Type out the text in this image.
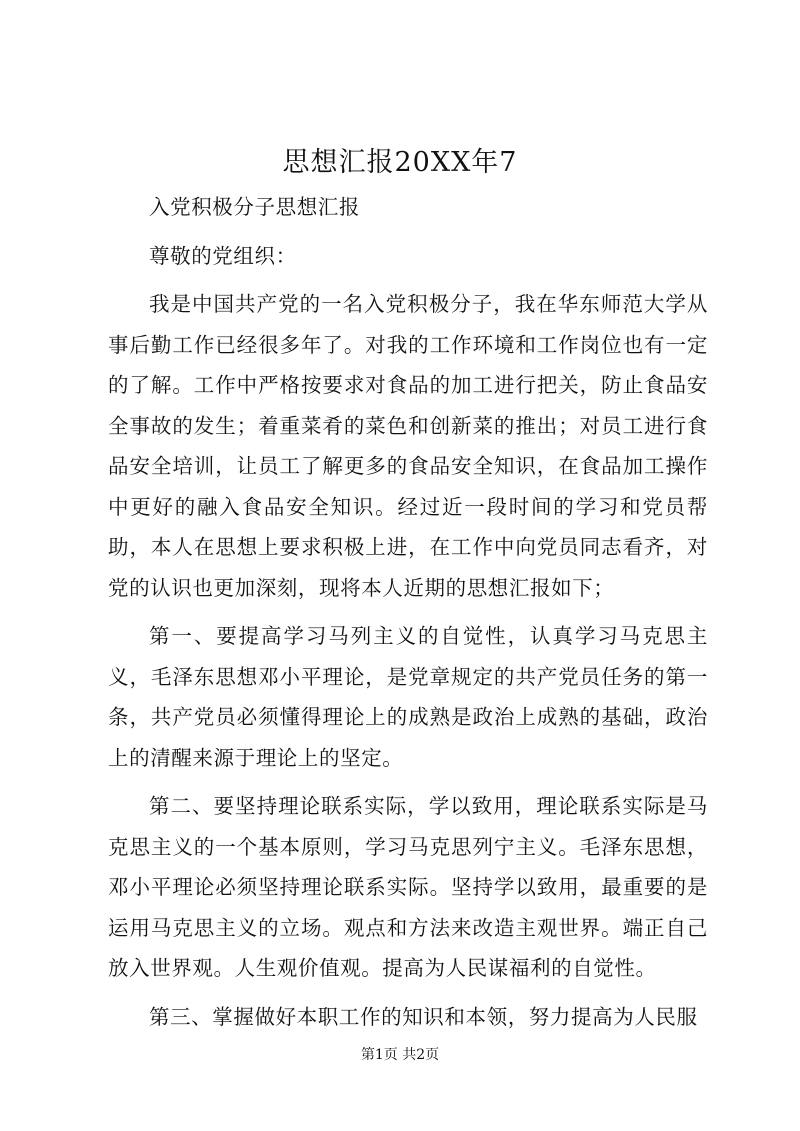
思想汇报20XX年7

入党积极分子思想汇报

尊敬的党组织：

我是中国共产党的一名入党积极分子，我在华东师范大学从事后勤工作已经很多年了。对我的工作环境和工作岗位也有一定的了解。工作中严格按要求对食品的加工进行把关，防止食品安全事故的发生；着重菜肴的菜色和创新菜的推出；对员工进行食品安全培训，让员工了解更多的食品安全知识，在食品加工操作中更好的融入食品安全知识。经过近一段时间的学习和党员帮助，本人在思想上要求积极上进，在工作中向党员同志看齐，对党的认识也更加深刻，现将本人近期的思想汇报如下；

第一、要提高学习马列主义的自觉性，认真学习马克思主义，毛泽东思想邓小平理论，是党章规定的共产党员任务的第一条，共产党员必须懂得理论上的成熟是政治上成熟的基础，政治上的清醒来源于理论上的坚定。

第二、要坚持理论联系实际，学以致用，理论联系实际是马克思主义的一个基本原则，学习马克思列宁主义。毛泽东思想，邓小平理论必须坚持理论联系实际。坚持学以致用，最重要的是运用马克思主义的立场。观点和方法来改造主观世界。端正自己放入世界观。人生观价值观。提高为人民谋福利的自觉性。

第三、掌握做好本职工作的知识和本领，努力提高为人民服

第1页 共2页
